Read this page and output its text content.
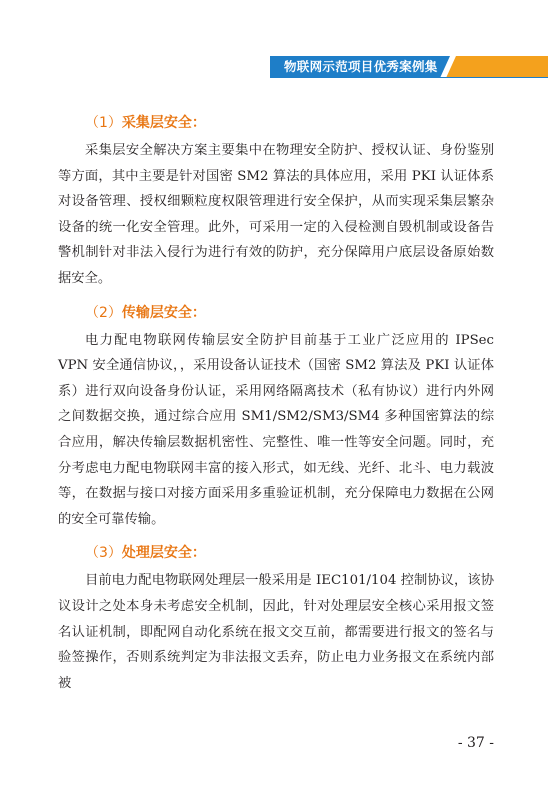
物联网示范项目优秀案例集
（1）采集层安全：

采集层安全解决方案主要集中在物理安全防护、授权认证、身份鉴别等方面，其中主要是针对国密 SM2 算法的具体应用，采用 PKI 认证体系对设备管理、授权细颗粒度权限管理进行安全保护，从而实现采集层繁杂设备的统一化安全管理。此外，可采用一定的入侵检测自毁机制或设备告警机制针对非法入侵行为进行有效的防护，充分保障用户底层设备原始数据安全。

（2）传输层安全：

电力配电物联网传输层安全防护目前基于工业广泛应用的 IPSec VPN 安全通信协议，，采用设备认证技术（国密 SM2 算法及 PKI 认证体系）进行双向设备身份认证，采用网络隔离技术（私有协议）进行内外网之间数据交换，通过综合应用 SM1/SM2/SM3/SM4 多种国密算法的综合应用，解决传输层数据机密性、完整性、唯一性等安全问题。同时，充分考虑电力配电物联网丰富的接入形式，如无线、光纤、北斗、电力载波等，在数据与接口对接方面采用多重验证机制，充分保障电力数据在公网的安全可靠传输。

（3）处理层安全：

目前电力配电物联网处理层一般采用是 IEC101/104 控制协议，该协议设计之处本身未考虑安全机制，因此，针对处理层安全核心采用报文签名认证机制，即配网自动化系统在报文交互前，都需要进行报文的签名与验签操作，否则系统判定为非法报文丢弃，防止电力业务报文在系统内部被

- 37 -
